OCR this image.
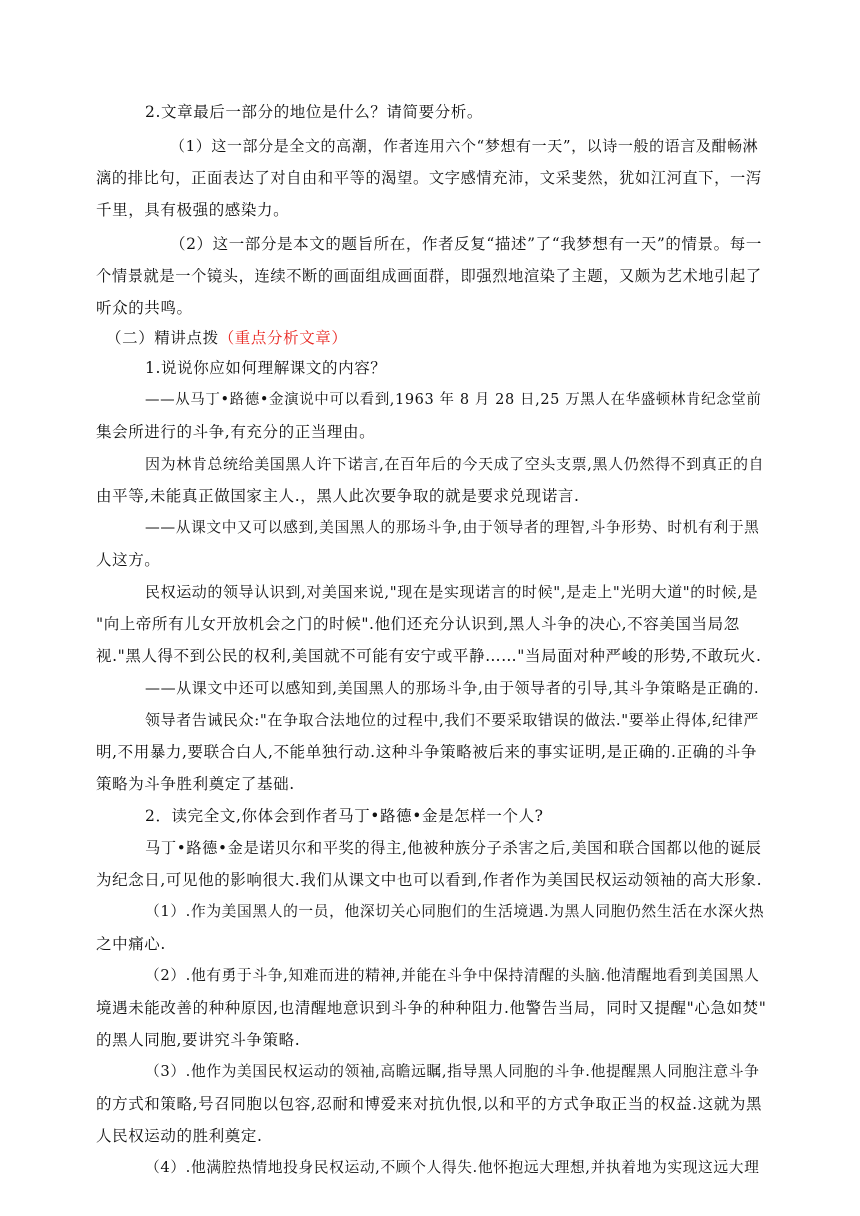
2.文章最后一部分的地位是什么？请简要分析。
（1）这一部分是全文的高潮，作者连用六个“梦想有一天”，以诗一般的语言及酣畅淋
漓的排比句，正面表达了对自由和平等的渴望。文字感情充沛，文采斐然，犹如江河直下，一泻
千里，具有极强的感染力。
（2）这一部分是本文的题旨所在，作者反复“描述”了“我梦想有一天”的情景。每一
个情景就是一个镜头，连续不断的画面组成画面群，即强烈地渲染了主题，又颇为艺术地引起了
听众的共鸣。
（二）精讲点拨（重点分析文章）
1.说说你应如何理解课文的内容？
——从马丁•路德•金演说中可以看到,1963 年 8 月 28 日,25 万黑人在华盛顿林肯纪念堂前
集会所进行的斗争,有充分的正当理由。
因为林肯总统给美国黑人许下诺言,在百年后的今天成了空头支票,黑人仍然得不到真正的自
由平等,未能真正做国家主人.，黑人此次要争取的就是要求兑现诺言.
——从课文中又可以感到,美国黑人的那场斗争,由于领导者的理智,斗争形势、时机有利于黑
人这方。
民权运动的领导认识到,对美国来说,"现在是实现诺言的时候",是走上"光明大道"的时候,是
"向上帝所有儿女开放机会之门的时候".他们还充分认识到,黑人斗争的决心,不容美国当局忽
视."黑人得不到公民的权利,美国就不可能有安宁或平静……"当局面对种严峻的形势,不敢玩火.
——从课文中还可以感知到,美国黑人的那场斗争,由于领导者的引导,其斗争策略是正确的.
领导者告诫民众:"在争取合法地位的过程中,我们不要采取错误的做法."要举止得体,纪律严
明,不用暴力,要联合白人,不能单独行动.这种斗争策略被后来的事实证明,是正确的.正确的斗争
策略为斗争胜利奠定了基础.
2．读完全文,你体会到作者马丁•路德•金是怎样一个人?
马丁•路德•金是诺贝尔和平奖的得主,他被种族分子杀害之后,美国和联合国都以他的诞辰
为纪念日,可见他的影响很大.我们从课文中也可以看到,作者作为美国民权运动领袖的高大形象.
（1）.作为美国黑人的一员，他深切关心同胞们的生活境遇.为黑人同胞仍然生活在水深火热
之中痛心.
（2）.他有勇于斗争,知难而进的精神,并能在斗争中保持清醒的头脑.他清醒地看到美国黑人
境遇未能改善的种种原因,也清醒地意识到斗争的种种阻力.他警告当局，同时又提醒"心急如焚"
的黑人同胞,要讲究斗争策略.
（3）.他作为美国民权运动的领袖,高瞻远瞩,指导黑人同胞的斗争.他提醒黑人同胞注意斗争
的方式和策略,号召同胞以包容,忍耐和博爱来对抗仇恨,以和平的方式争取正当的权益.这就为黑
人民权运动的胜利奠定.
（4）.他满腔热情地投身民权运动,不顾个人得失.他怀抱远大理想,并执着地为实现这远大理
